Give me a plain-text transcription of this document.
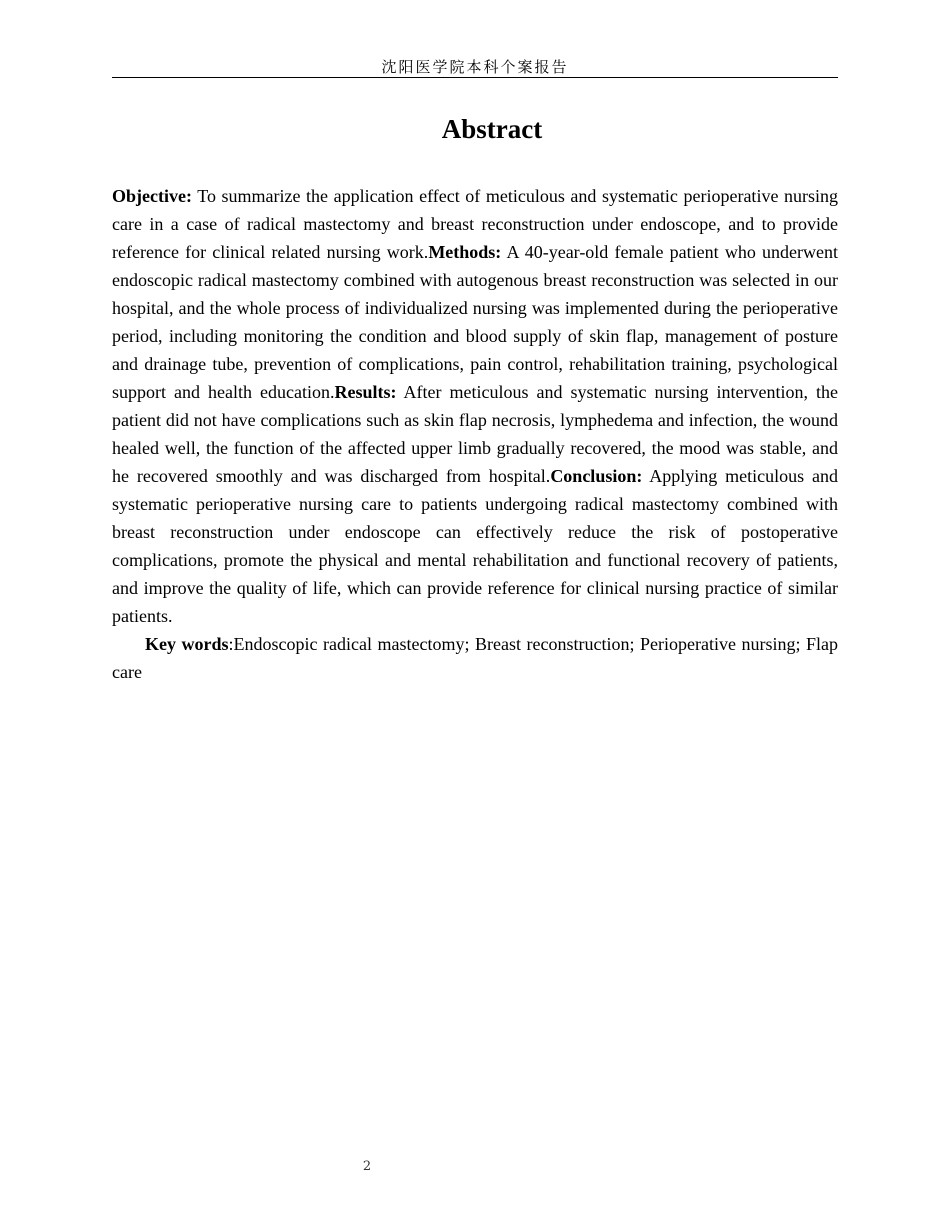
沈阳医学院本科个案报告
Abstract

Objective: To summarize the application effect of meticulous and systematic perioperative nursing care in a case of radical mastectomy and breast reconstruction under endoscope, and to provide reference for clinical related nursing work.Methods: A 40-year-old female patient who underwent endoscopic radical mastectomy combined with autogenous breast reconstruction was selected in our hospital, and the whole process of individualized nursing was implemented during the perioperative period, including monitoring the condition and blood supply of skin flap, management of posture and drainage tube, prevention of complications, pain control, rehabilitation training, psychological support and health education.Results: After meticulous and systematic nursing intervention, the patient did not have complications such as skin flap necrosis, lymphedema and infection, the wound healed well, the function of the affected upper limb gradually recovered, the mood was stable, and he recovered smoothly and was discharged from hospital.Conclusion: Applying meticulous and systematic perioperative nursing care to patients undergoing radical mastectomy combined with breast reconstruction under endoscope can effectively reduce the risk of postoperative complications, promote the physical and mental rehabilitation and functional recovery of patients, and improve the quality of life, which can provide reference for clinical nursing practice of similar patients.

Key words:Endoscopic radical mastectomy; Breast reconstruction; Perioperative nursing; Flap care

2
